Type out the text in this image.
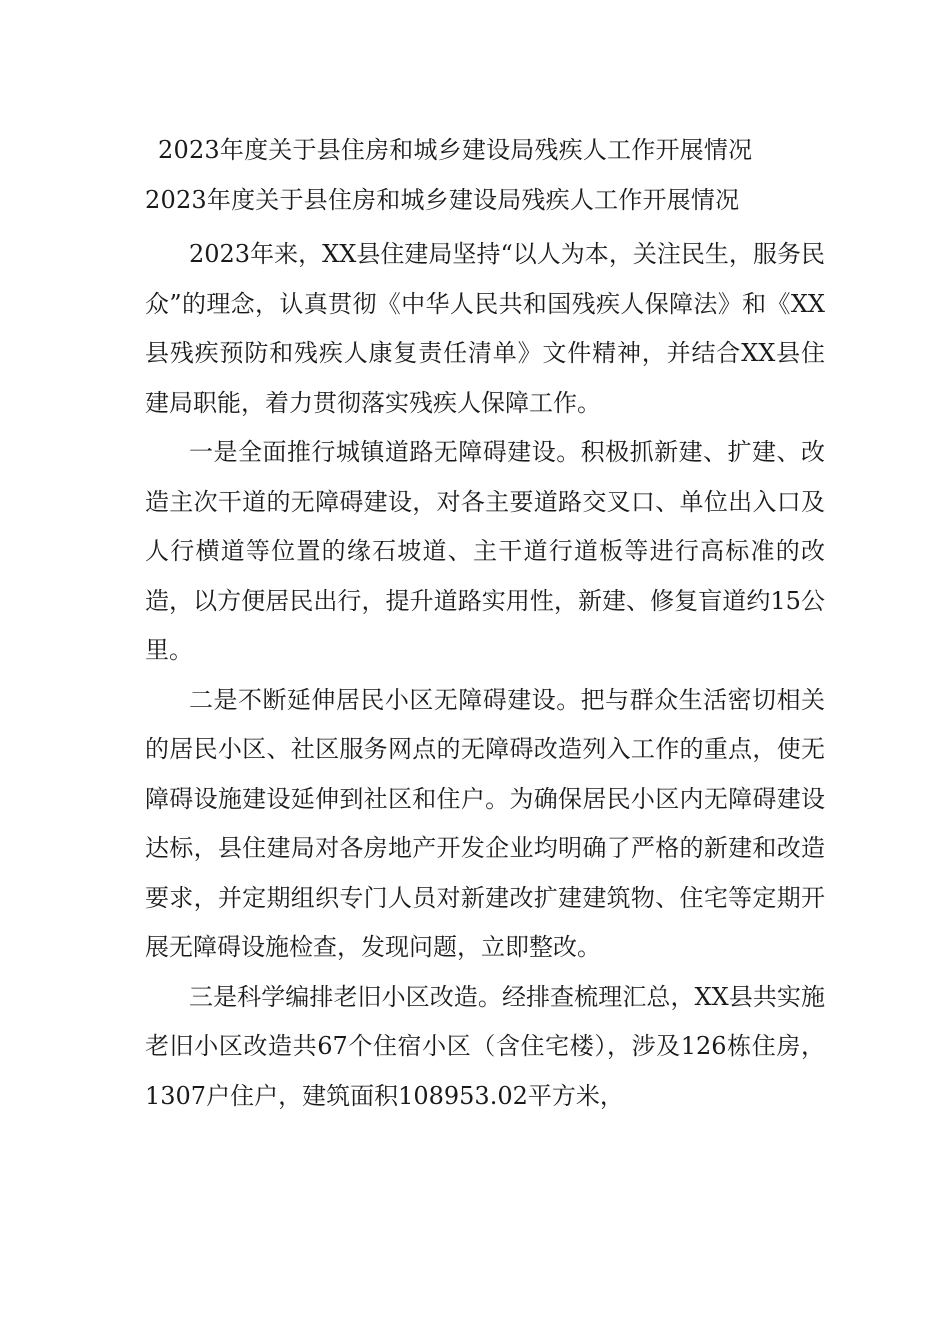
2023年度关于县住房和城乡建设局残疾人工作开展情况
2023年度关于县住房和城乡建设局残疾人工作开展情况

2023年来，XX县住建局坚持“以人为本，关注民生，服务民众”的理念，认真贯彻《中华人民共和国残疾人保障法》和《XX县残疾预防和残疾人康复责任清单》文件精神，并结合XX县住建局职能，着力贯彻落实残疾人保障工作。

一是全面推行城镇道路无障碍建设。积极抓新建、扩建、改造主次干道的无障碍建设，对各主要道路交叉口、单位出入口及人行横道等位置的缘石坡道、主干道行道板等进行高标准的改造，以方便居民出行，提升道路实用性，新建、修复盲道约15公里。

二是不断延伸居民小区无障碍建设。把与群众生活密切相关的居民小区、社区服务网点的无障碍改造列入工作的重点，使无障碍设施建设延伸到社区和住户。为确保居民小区内无障碍建设达标，县住建局对各房地产开发企业均明确了严格的新建和改造要求，并定期组织专门人员对新建改扩建建筑物、住宅等定期开展无障碍设施检查，发现问题，立即整改。

三是科学编排老旧小区改造。经排查梳理汇总，XX县共实施老旧小区改造共67个住宿小区（含住宅楼），涉及126栋住房，1307户住户，建筑面积108953.02平方米，
